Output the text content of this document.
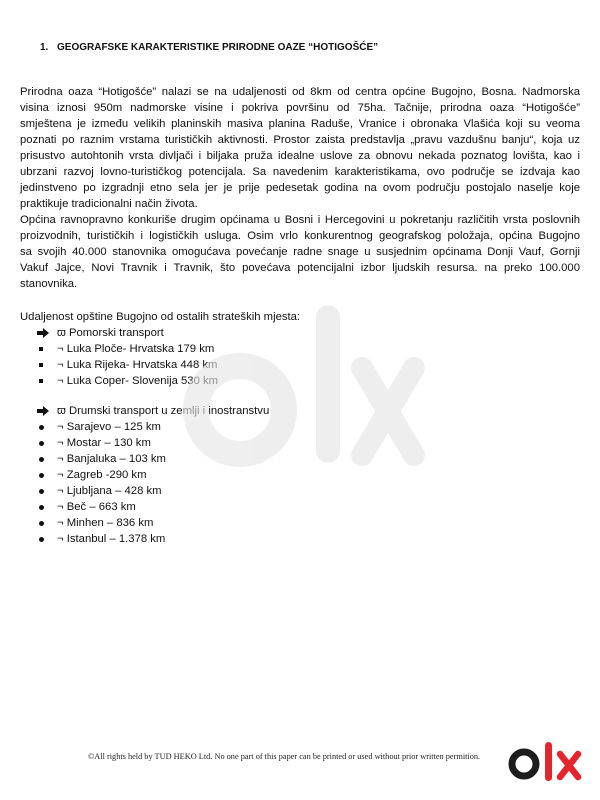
1. GEOGRAFSKE KARAKTERISTIKE PRIRODNE OAZE “HOTIGOŠĆE”
Prirodna oaza “Hotigošće” nalazi se na udaljenosti od 8km od centra općine Bugojno, Bosna. Nadmorska
visina iznosi 950m nadmorske visine i pokriva površinu od 75ha. Tačnije, prirodna oaza “Hotigošće”
smještena je između velikih planinskih masiva planina Raduše, Vranice i obronaka Vlašića koji su veoma
poznati po raznim vrstama turističkih aktivnosti. Prostor zaista predstavlja „pravu vazdušnu banju“, koja uz
prisustvo autohtonih vrsta divljači i biljaka pruža idealne uslove za obnovu nekada poznatog lovišta, kao i
ubrzani razvoj lovno-turističkog potencijala. Sa navedenim karakteristikama, ovo područje se izdvaja kao
jedinstveno po izgradnji etno sela jer je prije pedesetak godina na ovom području postojalo naselje koje
praktikuje tradicionalni način života.
Općina ravnopravno konkuriše drugim općinama u Bosni i Hercegovini u pokretanju različitih vrsta poslovnih
proizvodnih, turističkih i logističkih usluga. Osim vrlo konkurentnog geografskog položaja, općina Bugojno
sa svojih 40.000 stanovnika omogućava povećanje radne snage u susjednim općinama Donji Vauf, Gornji
Vakuf Jajce, Novi Travnik i Travnik, što povećava potencijalni izbor ljudskih resursa. na preko 100.000
stanovnika.
Udaljenost opštine Bugojno od ostalih strateških mjesta:
ϖ Pomorski transport
¬ Luka Ploče- Hrvatska 179 km
¬ Luka Rijeka- Hrvatska 448 km
¬ Luka Coper- Slovenija 530 km
ϖ Drumski transport u zemlji i inostranstvu
¬ Sarajevo – 125 km
¬ Mostar – 130 km
¬ Banjaluka – 103 km
¬ Zagreb -290 km
¬ Ljubljana – 428 km
¬ Beč – 663 km
¬ Minhen – 836 km
¬ Istanbul – 1.378 km
©All rights held by TUD HEKO Ltd. No one part of this paper can be printed or used without prior written permition.
